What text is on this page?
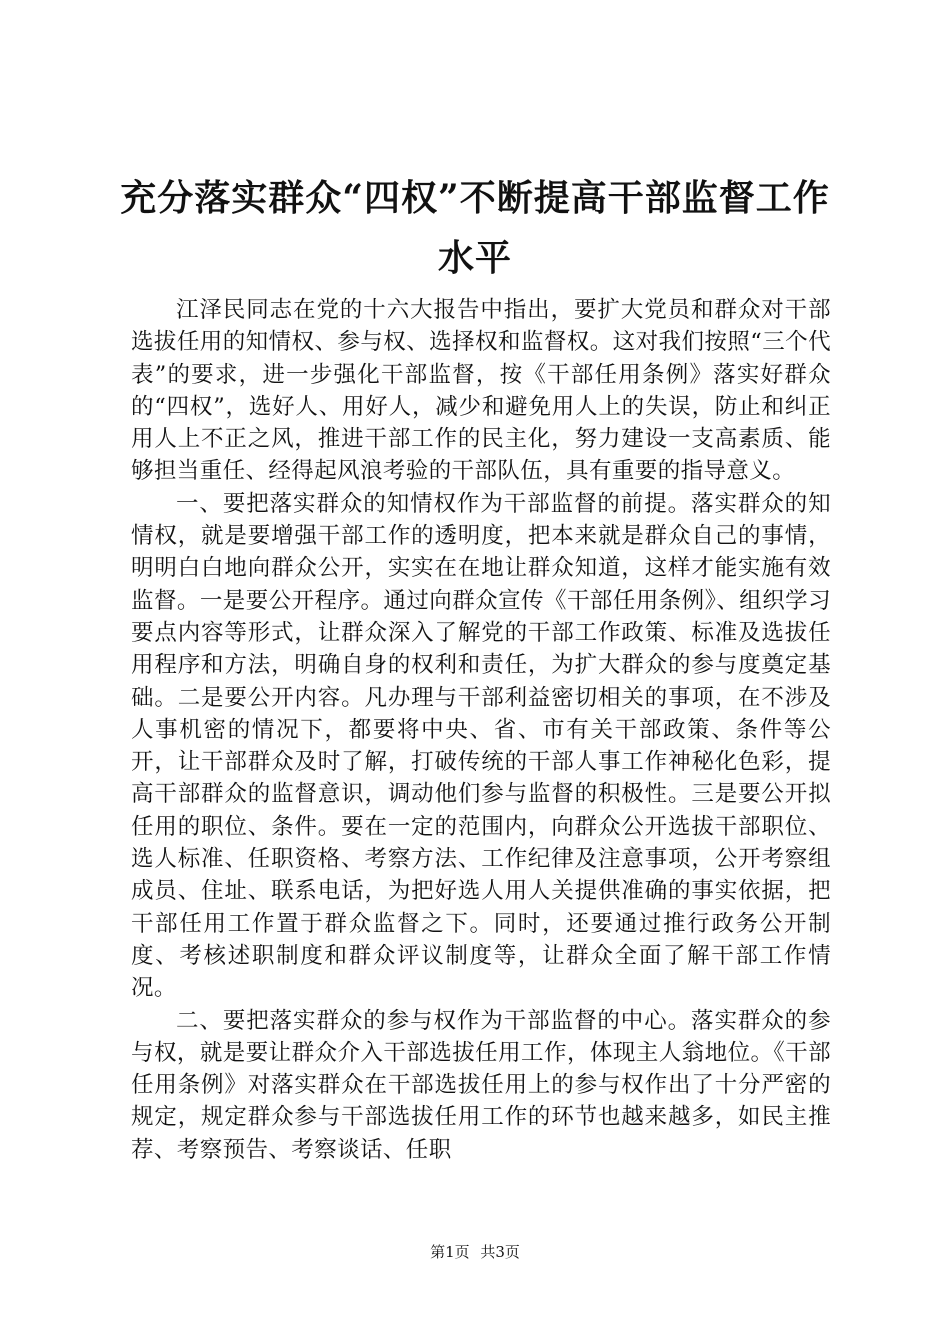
充分落实群众“四权”不断提高干部监督工作水平

江泽民同志在党的十六大报告中指出，要扩大党员和群众对干部选拔任用的知情权、参与权、选择权和监督权。这对我们按照“三个代表”的要求，进一步强化干部监督，按《干部任用条例》落实好群众的“四权”，选好人、用好人，减少和避免用人上的失误，防止和纠正用人上不正之风，推进干部工作的民主化，努力建设一支高素质、能够担当重任、经得起风浪考验的干部队伍，具有重要的指导意义。

一、要把落实群众的知情权作为干部监督的前提。落实群众的知情权，就是要增强干部工作的透明度，把本来就是群众自己的事情，明明白白地向群众公开，实实在在地让群众知道，这样才能实施有效监督。一是要公开程序。通过向群众宣传《干部任用条例》、组织学习要点内容等形式，让群众深入了解党的干部工作政策、标准及选拔任用程序和方法，明确自身的权利和责任，为扩大群众的参与度奠定基础。二是要公开内容。凡办理与干部利益密切相关的事项，在不涉及人事机密的情况下，都要将中央、省、市有关干部政策、条件等公开，让干部群众及时了解，打破传统的干部人事工作神秘化色彩，提高干部群众的监督意识，调动他们参与监督的积极性。三是要公开拟任用的职位、条件。要在一定的范围内，向群众公开选拔干部职位、选人标准、任职资格、考察方法、工作纪律及注意事项，公开考察组成员、住址、联系电话，为把好选人用人关提供准确的事实依据，把干部任用工作置于群众监督之下。同时，还要通过推行政务公开制度、考核述职制度和群众评议制度等，让群众全面了解干部工作情况。

二、要把落实群众的参与权作为干部监督的中心。落实群众的参与权，就是要让群众介入干部选拔任用工作，体现主人翁地位。《干部任用条例》对落实群众在干部选拔任用上的参与权作出了十分严密的规定，规定群众参与干部选拔任用工作的环节也越来越多，如民主推荐、考察预告、考察谈话、任职

第1页 共3页
